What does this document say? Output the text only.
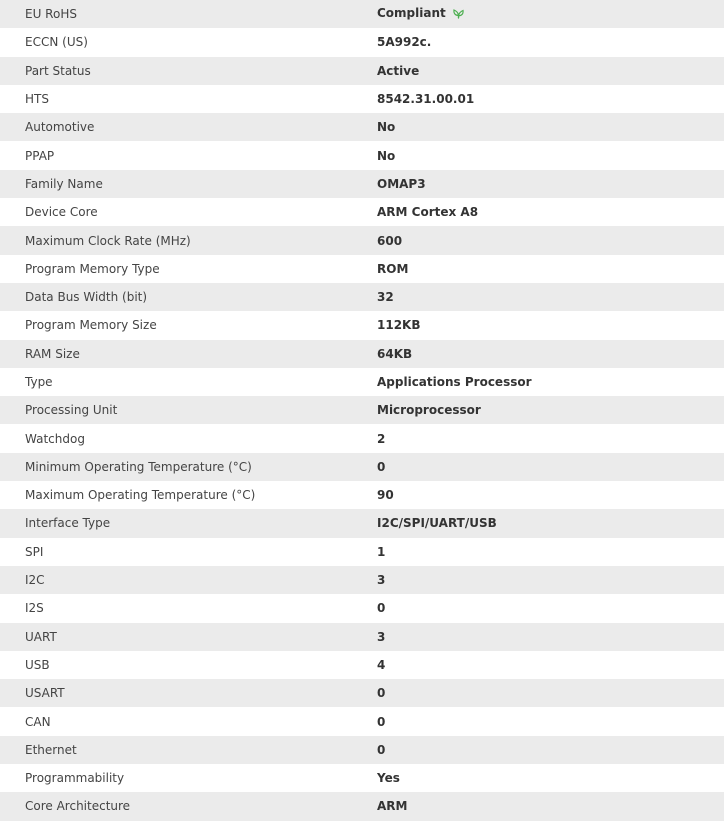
EU RoHS	Compliant
ECCN (US)	5A992c.
Part Status	Active
HTS	8542.31.00.01
Automotive	No
PPAP	No
Family Name	OMAP3
Device Core	ARM Cortex A8
Maximum Clock Rate (MHz)	600
Program Memory Type	ROM
Data Bus Width (bit)	32
Program Memory Size	112KB
RAM Size	64KB
Type	Applications Processor
Processing Unit	Microprocessor
Watchdog	2
Minimum Operating Temperature (°C)	0
Maximum Operating Temperature (°C)	90
Interface Type	I2C/SPI/UART/USB
SPI	1
I2C	3
I2S	0
UART	3
USB	4
USART	0
CAN	0
Ethernet	0
Programmability	Yes
Core Architecture	ARM
